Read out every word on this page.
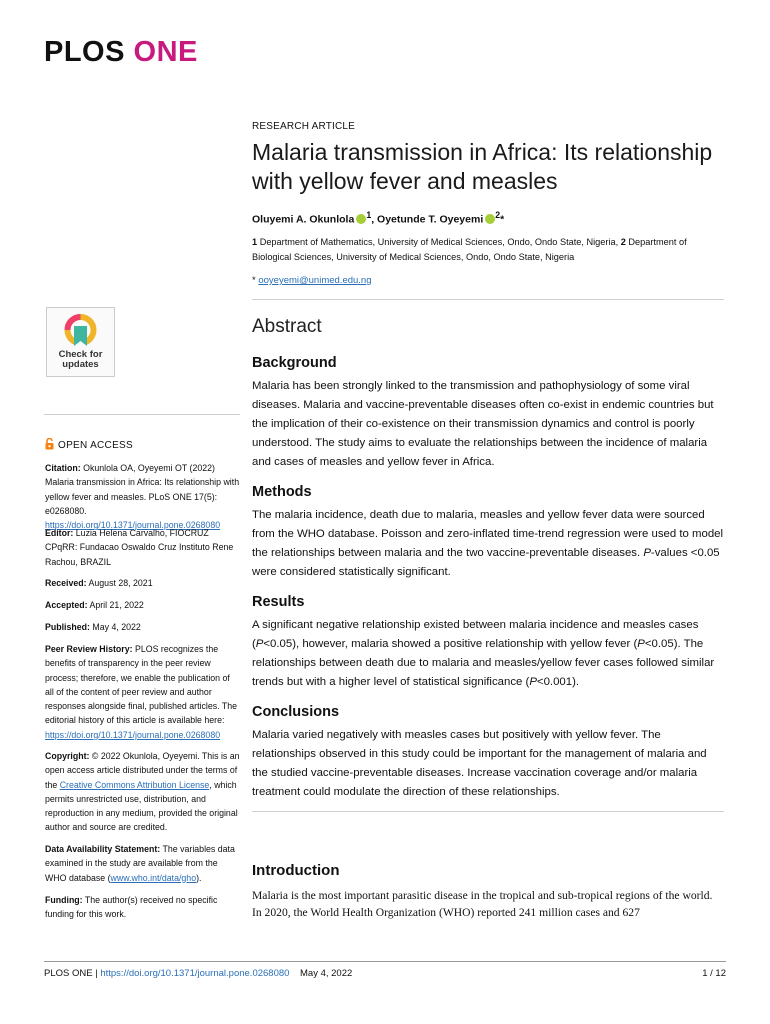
PLOS ONE
RESEARCH ARTICLE
Malaria transmission in Africa: Its relationship with yellow fever and measles
Oluyemi A. Okunlola $^1$, Oyetunde T. Oyeyemi $^2$*
1 Department of Mathematics, University of Medical Sciences, Ondo, Ondo State, Nigeria, 2 Department of Biological Sciences, University of Medical Sciences, Ondo, Ondo State, Nigeria
* ooyeyemi@unimed.edu.ng
Check for
updates
Abstract
Background
Malaria has been strongly linked to the transmission and pathophysiology of some viral diseases. Malaria and vaccine-preventable diseases often co-exist in endemic countries but the implication of their co-existence on their transmission dynamics and control is poorly understood. The study aims to evaluate the relationships between the incidence of malaria and cases of measles and yellow fever in Africa.
Methods
The malaria incidence, death due to malaria, measles and yellow fever data were sourced from the WHO database. Poisson and zero-inflated time-trend regression were used to model the relationships between malaria and the two vaccine-preventable diseases. P-values <0.05 were considered statistically significant.
Results
A significant negative relationship existed between malaria incidence and measles cases (P<0.05), however, malaria showed a positive relationship with yellow fever (P<0.05). The relationships between death due to malaria and measles/yellow fever cases followed similar trends but with a higher level of statistical significance (P<0.001).
Conclusions
Malaria varied negatively with measles cases but positively with yellow fever. The relationships observed in this study could be important for the management of malaria and the studied vaccine-preventable diseases. Increase vaccination coverage and/or malaria treatment could modulate the direction of these relationships.
OPEN ACCESS
Citation: Okunlola OA, Oyeyemi OT (2022) Malaria transmission in Africa: Its relationship with yellow fever and measles. PLoS ONE 17(5): e0268080. https://doi.org/10.1371/journal.pone.0268080
Editor: Luzia Helena Carvalho, FIOCRUZ CPqRR: Fundacao Oswaldo Cruz Instituto Rene Rachou, BRAZIL
Received: August 28, 2021
Accepted: April 21, 2022
Published: May 4, 2022
Peer Review History: PLOS recognizes the benefits of transparency in the peer review process; therefore, we enable the publication of all of the content of peer review and author responses alongside final, published articles. The editorial history of this article is available here: https://doi.org/10.1371/journal.pone.0268080
Copyright: © 2022 Okunlola, Oyeyemi. This is an open access article distributed under the terms of the Creative Commons Attribution License, which permits unrestricted use, distribution, and reproduction in any medium, provided the original author and source are credited.
Data Availability Statement: The variables data examined in the study are available from the WHO database (www.who.int/data/gho).
Funding: The author(s) received no specific funding for this work.
Introduction
Malaria is the most important parasitic disease in the tropical and sub-tropical regions of the world. In 2020, the World Health Organization (WHO) reported 241 million cases and 627
PLOS ONE | https://doi.org/10.1371/journal.pone.0268080 May 4, 2022	1 / 12
